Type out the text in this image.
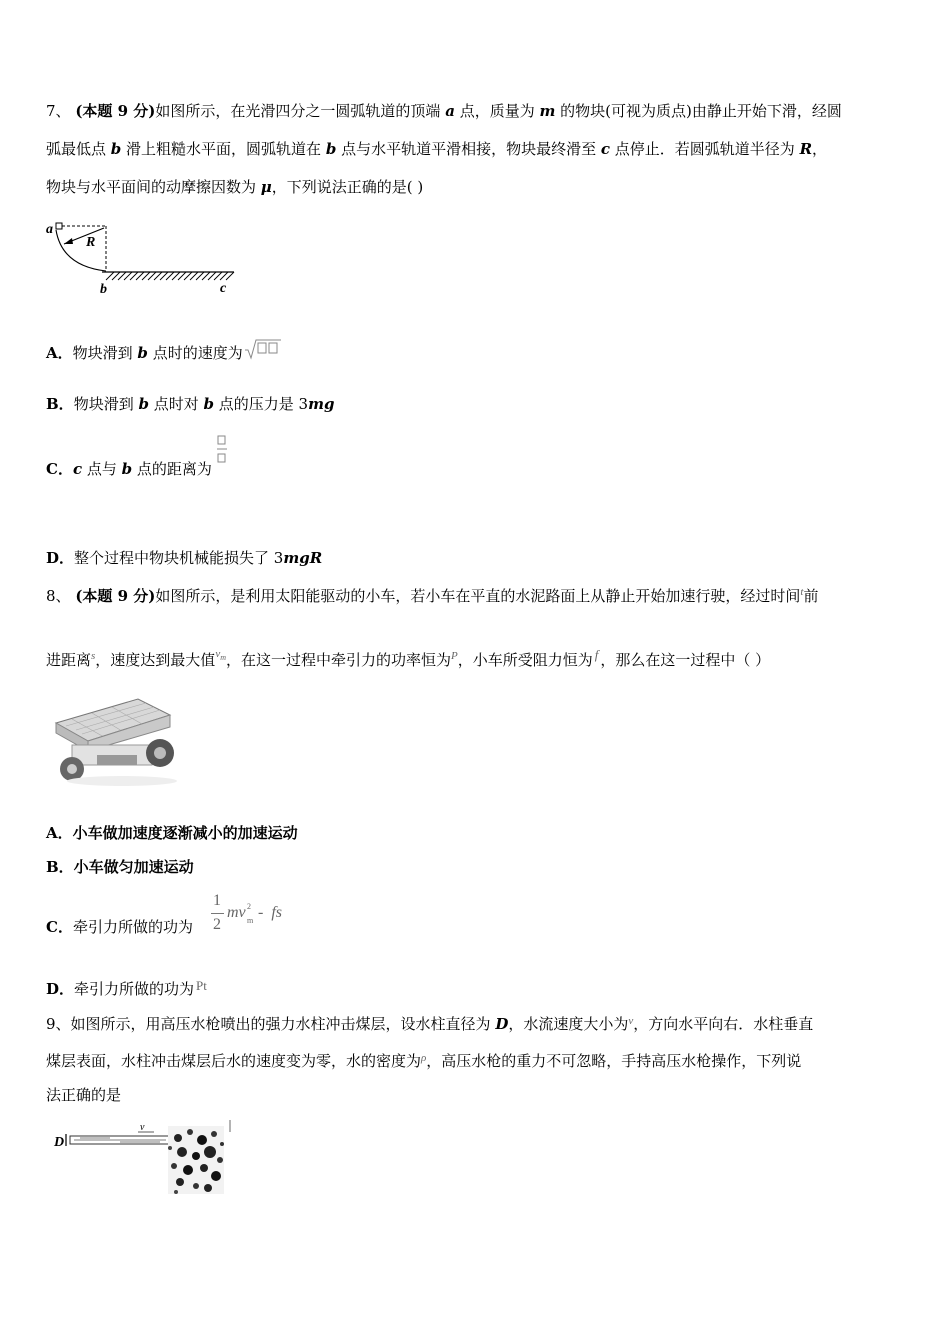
7、 (本题 9 分)如图所示，在光滑四分之一圆弧轨道的顶端 a 点，质量为 m 的物块(可视为质点)由静止开始下滑，经圆
弧最低点 b 滑上粗糙水平面，圆弧轨道在 b 点与水平轨道平滑相接，物块最终滑至 c 点停止．若圆弧轨道半径为 R，
物块与水平面间的动摩擦因数为 μ，下列说法正确的是( )
a
R
b	c
A．物块滑到 b 点时的速度为
B．物块滑到 b 点时对 b 点的压力是 3mg
C．c 点与 b 点的距离为
D．整个过程中物块机械能损失了 3mgR
8、 (本题 9 分)如图所示，是利用太阳能驱动的小车，若小车在平直的水泥路面上从静止开始加速行驶，经过时间$^t$前
进距离$^s$，速度达到最大值$^{v_m}$，在这一过程中牵引力的功率恒为$^P$，小车所受阻力恒为 f ，那么在这一过程中（ ）
A．小车做加速度逐渐减小的加速运动
B．小车做匀加速运动
C．牵引力所做的功为
1
2
mv 2
m -  fs
D．牵引力所做的功为 Pt
9、如图所示，用高压水枪喷出的强力水柱冲击煤层，设水柱直径为 D，水流速度大小为$^v$，方向水平向右．水柱垂直
煤层表面，水柱冲击煤层后水的速度变为零，水的密度为$^\rho$，高压水枪的重力不可忽略，手持高压水枪操作，下列说
法正确的是
D
v
